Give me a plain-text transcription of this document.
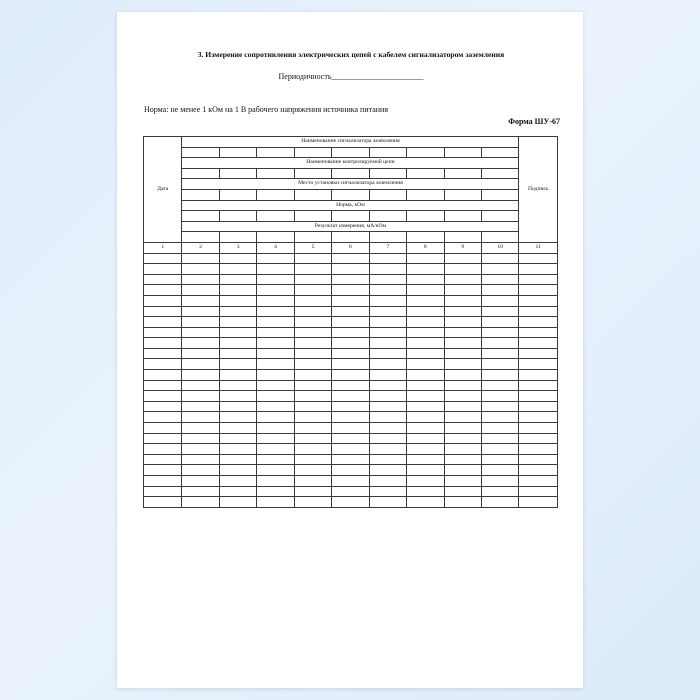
3. Измерение сопротивления электрических цепей с кабелем сигнализатором заземления
Периодичность_______________________
Норма: не менее 1 кОм на 1 В рабочего напряжения источника питания
Форма ШУ-67
Дата	Наименование сигнализатора заземления									Подпись

	Наименование контролируемой цепи									

	Место установки сигнализатора заземления									

	Норма, кОм									

	Результат измерения, мА/кОм									

1	2	3	4	5	6	7	8	9	10	11
